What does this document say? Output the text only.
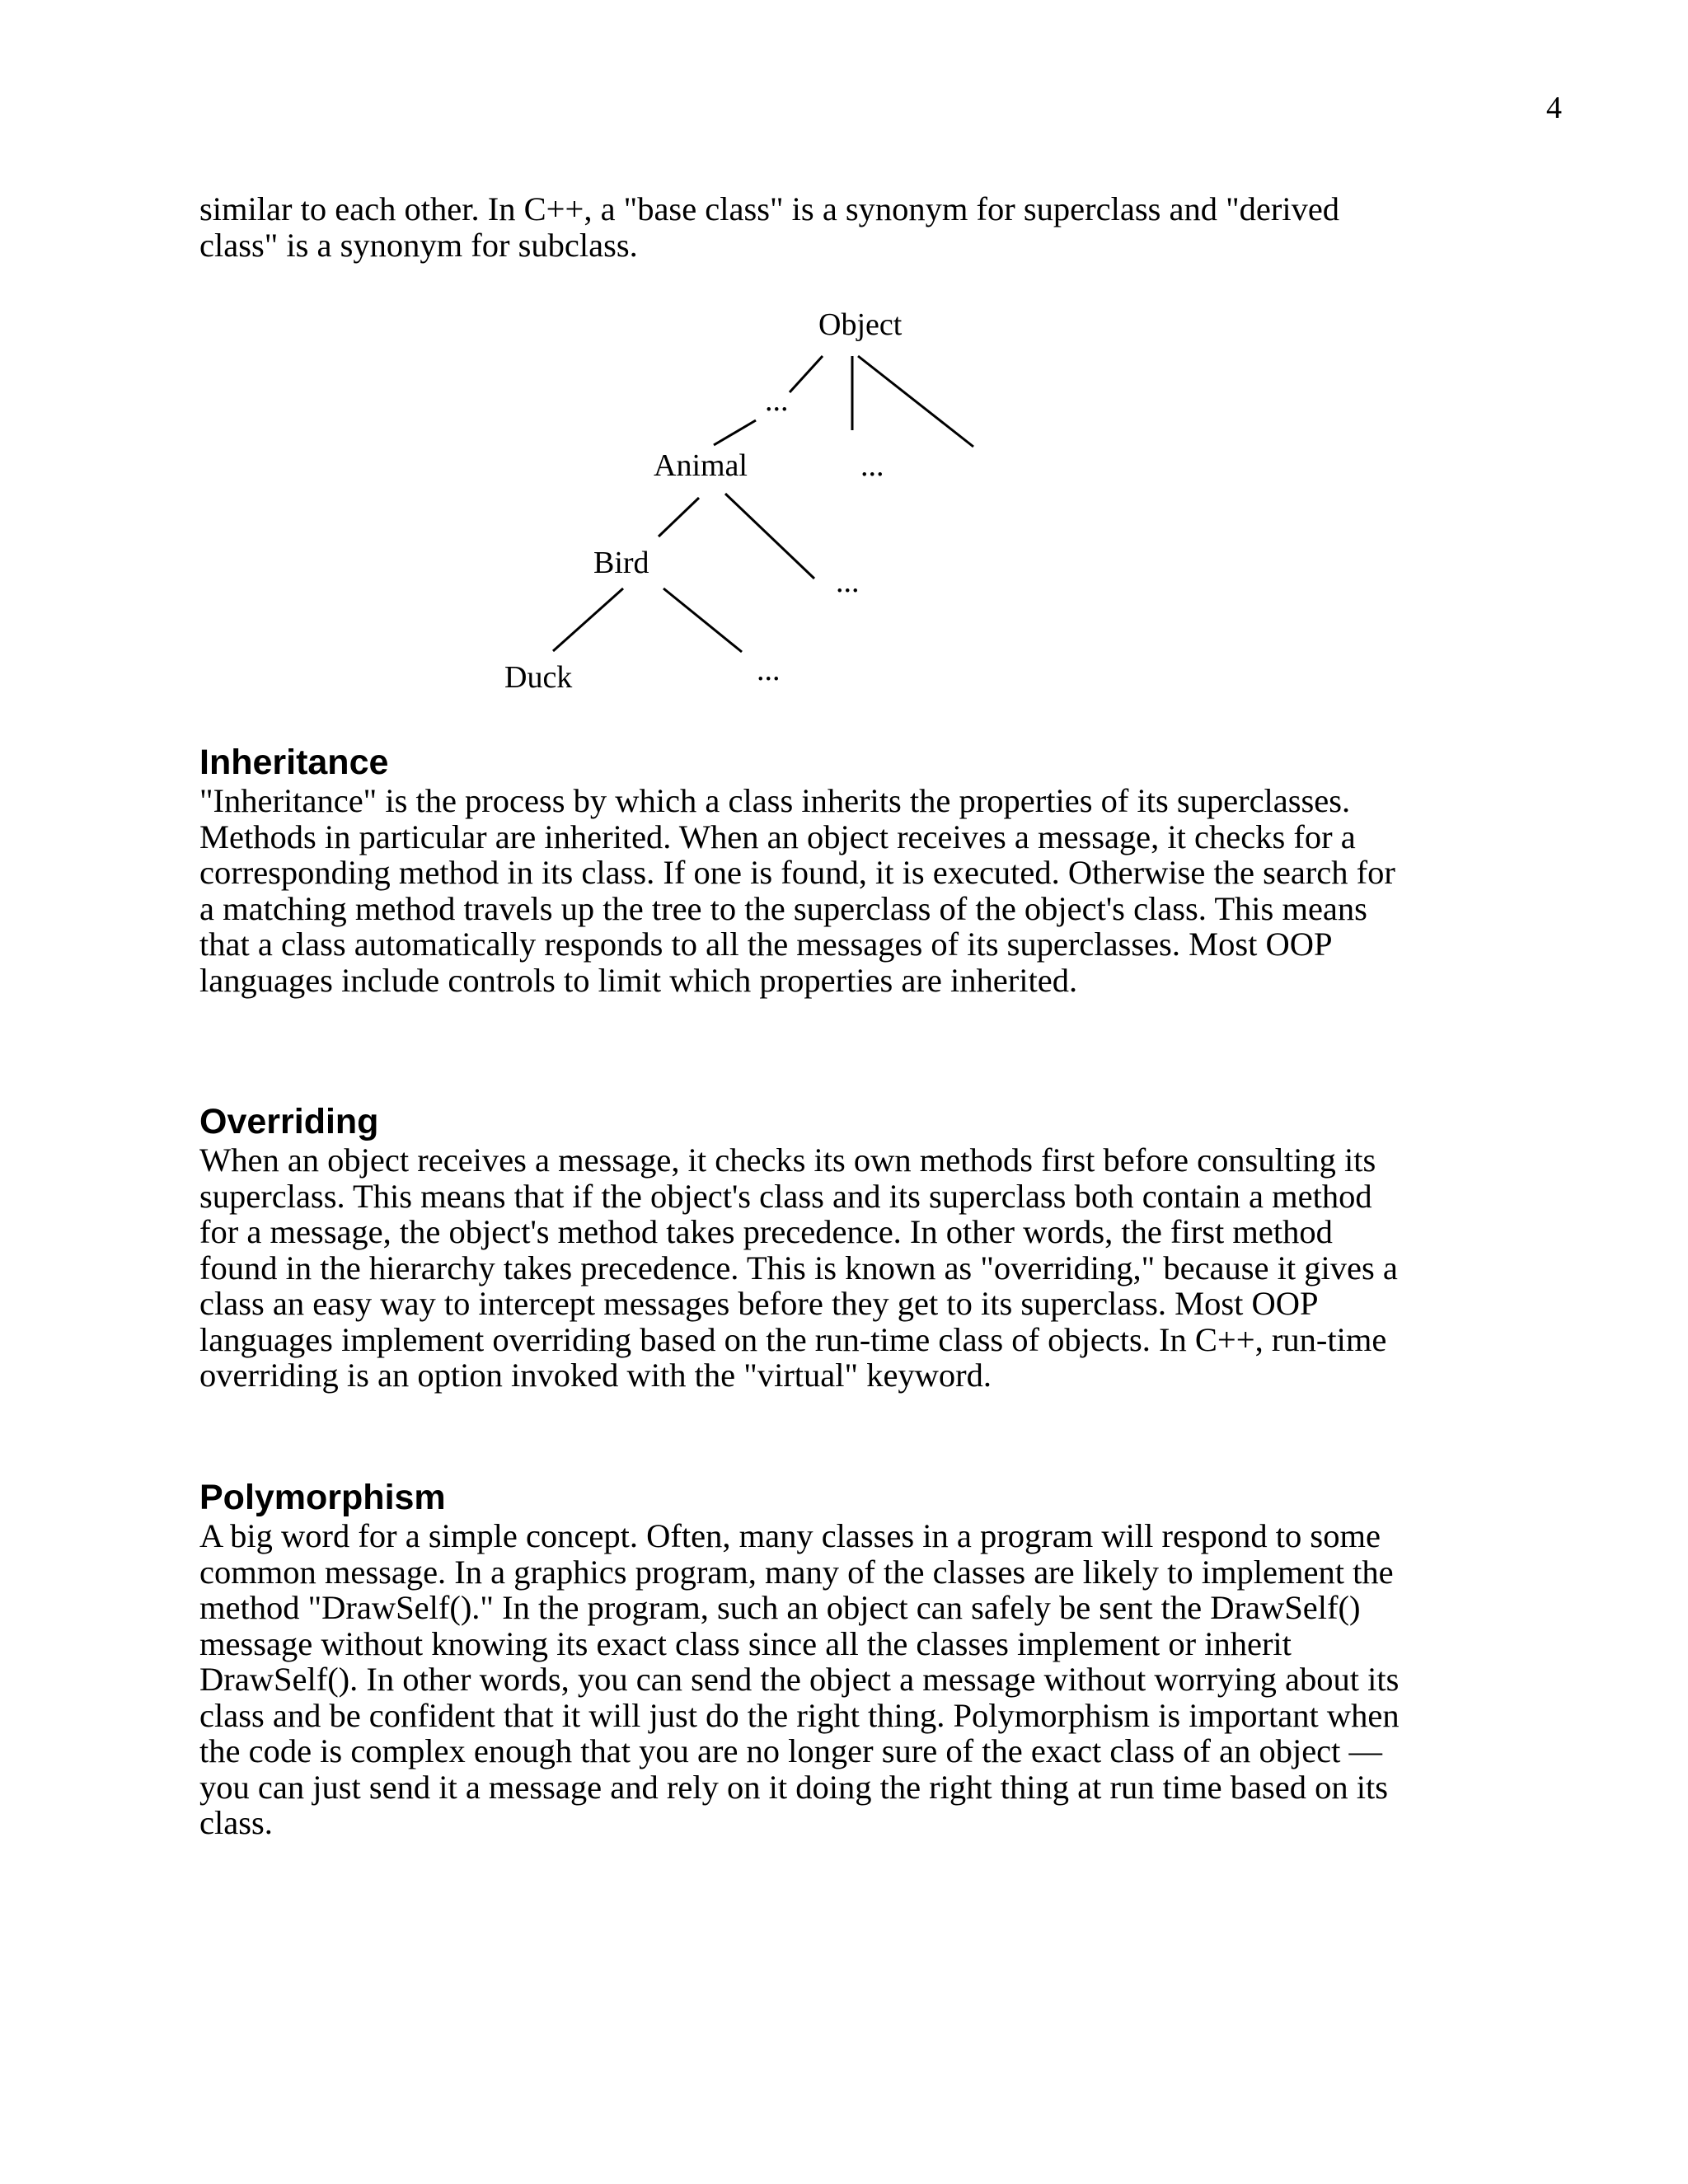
4
Object
...
Animal	...
Bird
...
Duck	...

similar to each other. In C++, a "base class" is a synonym for superclass and "derived class" is a synonym for subclass.

Inheritance

"Inheritance" is the process by which a class inherits the properties of its superclasses. Methods in particular are inherited. When an object receives a message, it checks for a corresponding method in its class. If one is found, it is executed. Otherwise the search for a matching method travels up the tree to the superclass of the object's class. This means that a class automatically responds to all the messages of its superclasses. Most OOP languages include controls to limit which properties are inherited.

Overriding

When an object receives a message, it checks its own methods first before consulting its superclass. This means that if the object's class and its superclass both contain a method for a message, the object's method takes precedence. In other words, the first method found in the hierarchy takes precedence. This is known as "overriding," because it gives a class an easy way to intercept messages before they get to its superclass. Most OOP languages implement overriding based on the run-time class of objects. In C++, run-time overriding is an option invoked with the "virtual" keyword.

Polymorphism

A big word for a simple concept. Often, many classes in a program will respond to some common message. In a graphics program, many of the classes are likely to implement the method "DrawSelf()." In the program, such an object can safely be sent the DrawSelf() message without knowing its exact class since all the classes implement or inherit DrawSelf(). In other words, you can send the object a message without worrying about its class and be confident that it will just do the right thing. Polymorphism is important when the code is complex enough that you are no longer sure of the exact class of an object — you can just send it a message and rely on it doing the right thing at run time based on its class.
